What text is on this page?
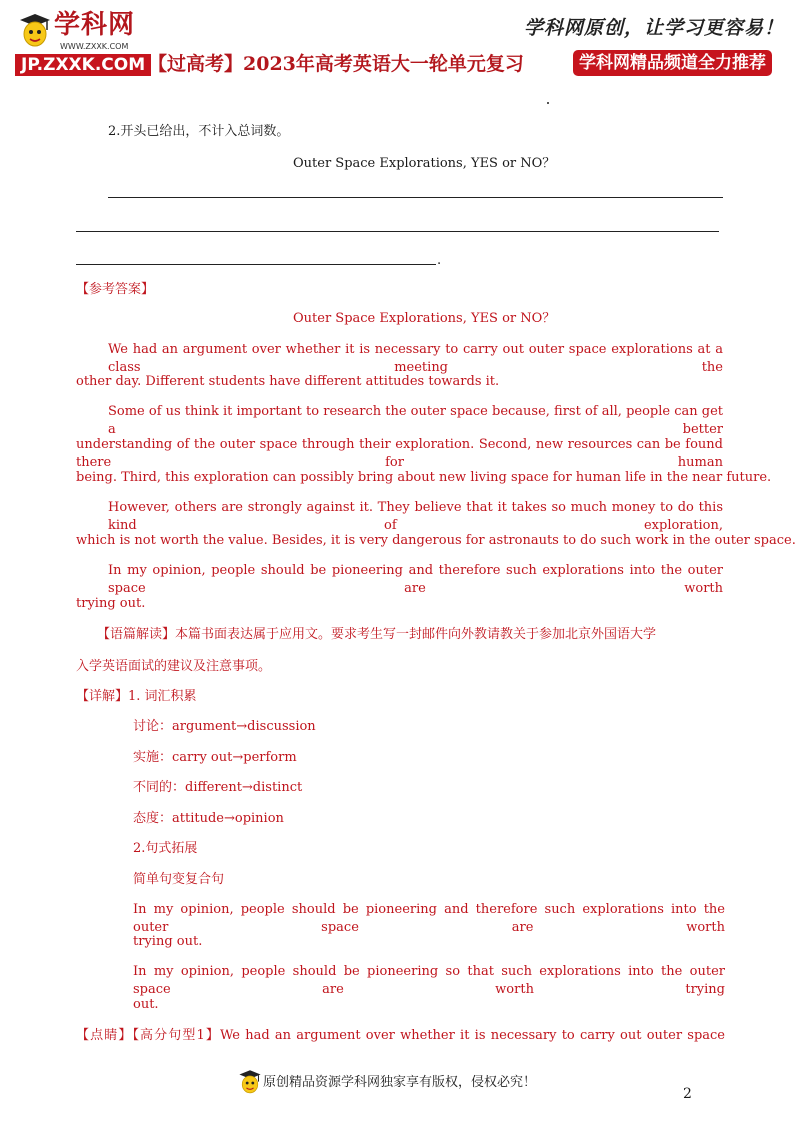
学科网
WWW.ZXXK.COM
学科网原创，让学习更容易！
JP.ZXXK.COM 【过高考】2023年高考英语大一轮单元复习	学科网精品频道全力推荐
2.开头已给出，不计入总词数。
Outer Space Explorations, YES or NO？
.
【参考答案】
Outer Space Explorations, YES or NO？
We had an argument over whether it is necessary to carry out outer space explorations at a class meeting the
other day. Different students have different attitudes towards it.
Some of us think it important to research the outer space because, first of all, people can get a better
understanding of the outer space through their exploration. Second, new resources can be found there for human
being. Third, this exploration can possibly bring about new living space for human life in the near future.
However, others are strongly against it. They believe that it takes so much money to do this kind of exploration,
which is not worth the value. Besides, it is very dangerous for astronauts to do such work in the outer space.
In my opinion, people should be pioneering and therefore such explorations into the outer space are worth
trying out.
【语篇解读】本篇书面表达属于应用文。要求考生写一封邮件向外教请教关于参加北京外国语大学
入学英语面试的建议及注意事项。
【详解】1. 词汇积累
讨论：argument→discussion
实施：carry out→perform
不同的：different→distinct
态度：attitude→opinion
2.句式拓展
简单句变复合句
In my opinion, people should be pioneering and therefore such explorations into the outer space are worth
trying out.
In my opinion, people should be pioneering so that such explorations into the outer space are worth trying
out.
【点睛】【高分句型1】We had an argument over whether it is necessary to carry out outer space
原创精品资源学科网独家享有版权，侵权必究！
2
